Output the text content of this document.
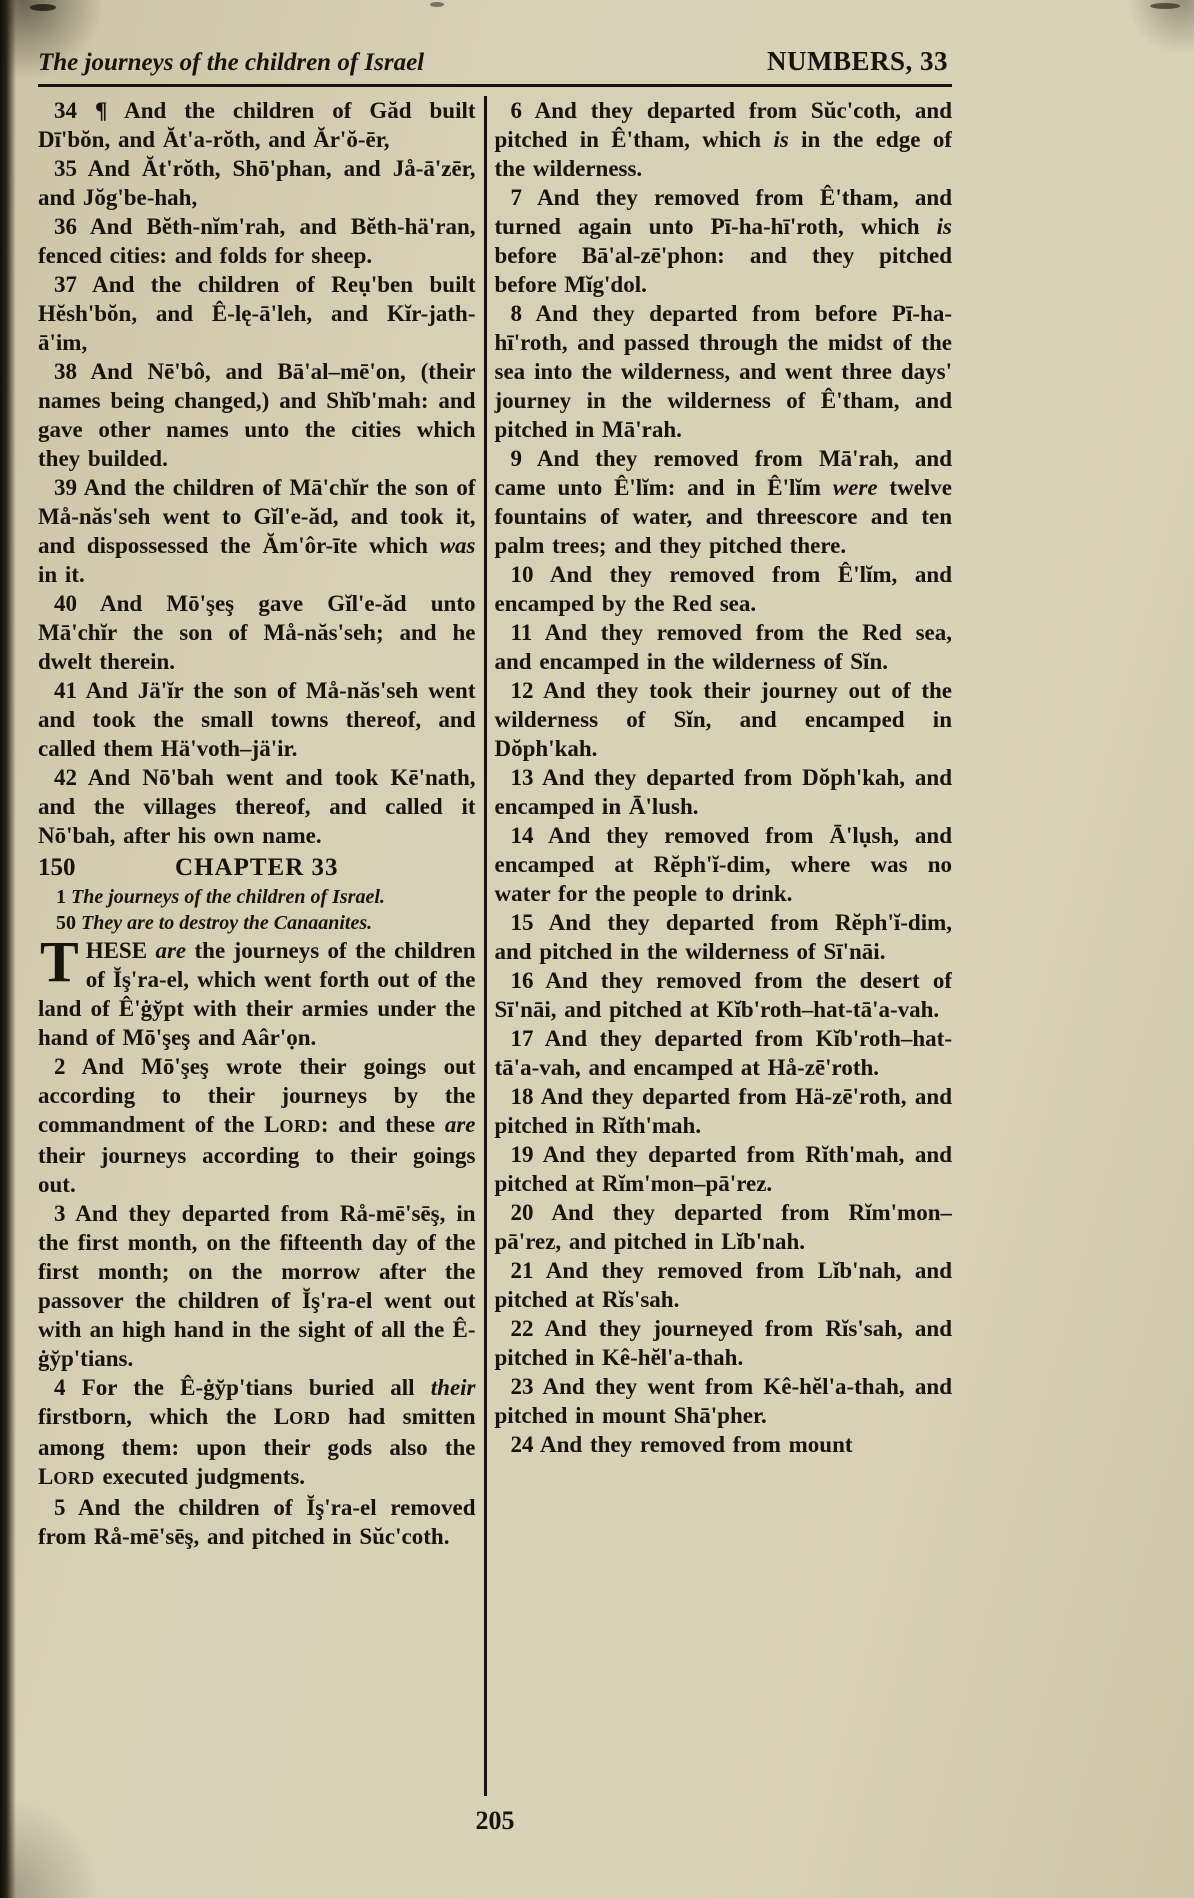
The journeys of the children of Israel	NUMBERS, 33

34 ¶ And the children of Găd built Dī'bŏn, and Ăt'a-rŏth, and Ăr'ŏ-ēr,

35 And Ăt'rŏth, Shō'phan, and Jå-ā'zēr, and Jŏg'be-hah,

36 And Bĕth-nĭm'rah, and Bĕth-hä'ran, fenced cities: and folds for sheep.

37 And the children of Reụ'ben built Hĕsh'bŏn, and Ê-lę-ā'leh, and Kĭr-jath-ā'im,

38 And Nē'bô, and Bā'al–mē'on, (their names being changed,) and Shĭb'mah: and gave other names unto the cities which they builded.

39 And the children of Mā'chĭr the son of Må-năs'seh went to Gĭl'e-ăd, and took it, and dispossessed the Ăm'ôr-īte which was in it.

40 And Mō'şeş gave Gĭl'e-ăd unto Mā'chĭr the son of Må-năs'seh; and he dwelt therein.

41 And Jä'ĭr the son of Må-năs'seh went and took the small towns thereof, and called them Hä'voth–jä'ir.

42 And Nō'bah went and took Kē'nath, and the villages thereof, and called it Nō'bah, after his own name.

150	CHAPTER 33
1 The journeys of the children of Israel.
50 They are to destroy the Canaanites.

THESE are the journeys of the children of Ĭş'ra-el, which went forth out of the land of Ê'ġy̆pt with their armies under the hand of Mō'şeş and Aâr'ọn.

2 And Mō'şeş wrote their goings out according to their journeys by the commandment of the LORD: and these are their journeys according to their goings out.

3 And they departed from Rå-mē'sēş, in the first month, on the fifteenth day of the first month; on the morrow after the passover the children of Ĭş'ra-el went out with an high hand in the sight of all the Ê-ġy̆p'tians.

4 For the Ê-ġy̆p'tians buried all their firstborn, which the LORD had smitten among them: upon their gods also the LORD executed judgments.

5 And the children of Ĭş'ra-el removed from Rå-mē'sēş, and pitched in Sŭc'coth.

6 And they departed from Sŭc'coth, and pitched in Ê'tham, which is in the edge of the wilderness.

7 And they removed from Ê'tham, and turned again unto Pī-ha-hī'roth, which is before Bā'al-zē'phon: and they pitched before Mĭg'dol.

8 And they departed from before Pī-ha-hī'roth, and passed through the midst of the sea into the wilderness, and went three days' journey in the wilderness of Ê'tham, and pitched in Mā'rah.

9 And they removed from Mā'rah, and came unto Ê'lĭm: and in Ê'lĭm were twelve fountains of water, and threescore and ten palm trees; and they pitched there.

10 And they removed from Ê'lĭm, and encamped by the Red sea.

11 And they removed from the Red sea, and encamped in the wilderness of Sĭn.

12 And they took their journey out of the wilderness of Sĭn, and encamped in Dŏph'kah.

13 And they departed from Dŏph'kah, and encamped in Ā'lush.

14 And they removed from Ā'lụsh, and encamped at Rĕph'ĭ-dim, where was no water for the people to drink.

15 And they departed from Rĕph'ĭ-dim, and pitched in the wilderness of Sī'nāi.

16 And they removed from the desert of Sī'nāi, and pitched at Kĭb'roth–hat-tā'a-vah.

17 And they departed from Kĭb'roth–hat-tā'a-vah, and encamped at Hå-zē'roth.

18 And they departed from Hä-zē'roth, and pitched in Rĭth'mah.

19 And they departed from Rĭth'mah, and pitched at Rĭm'mon–pā'rez.

20 And they departed from Rĭm'mon–pā'rez, and pitched in Lĭb'nah.

21 And they removed from Lĭb'nah, and pitched at Rĭs'sah.

22 And they journeyed from Rĭs'sah, and pitched in Kê-hĕl'a-thah.

23 And they went from Kê-hĕl'a-thah, and pitched in mount Shā'pher.

24 And they removed from mount

205
